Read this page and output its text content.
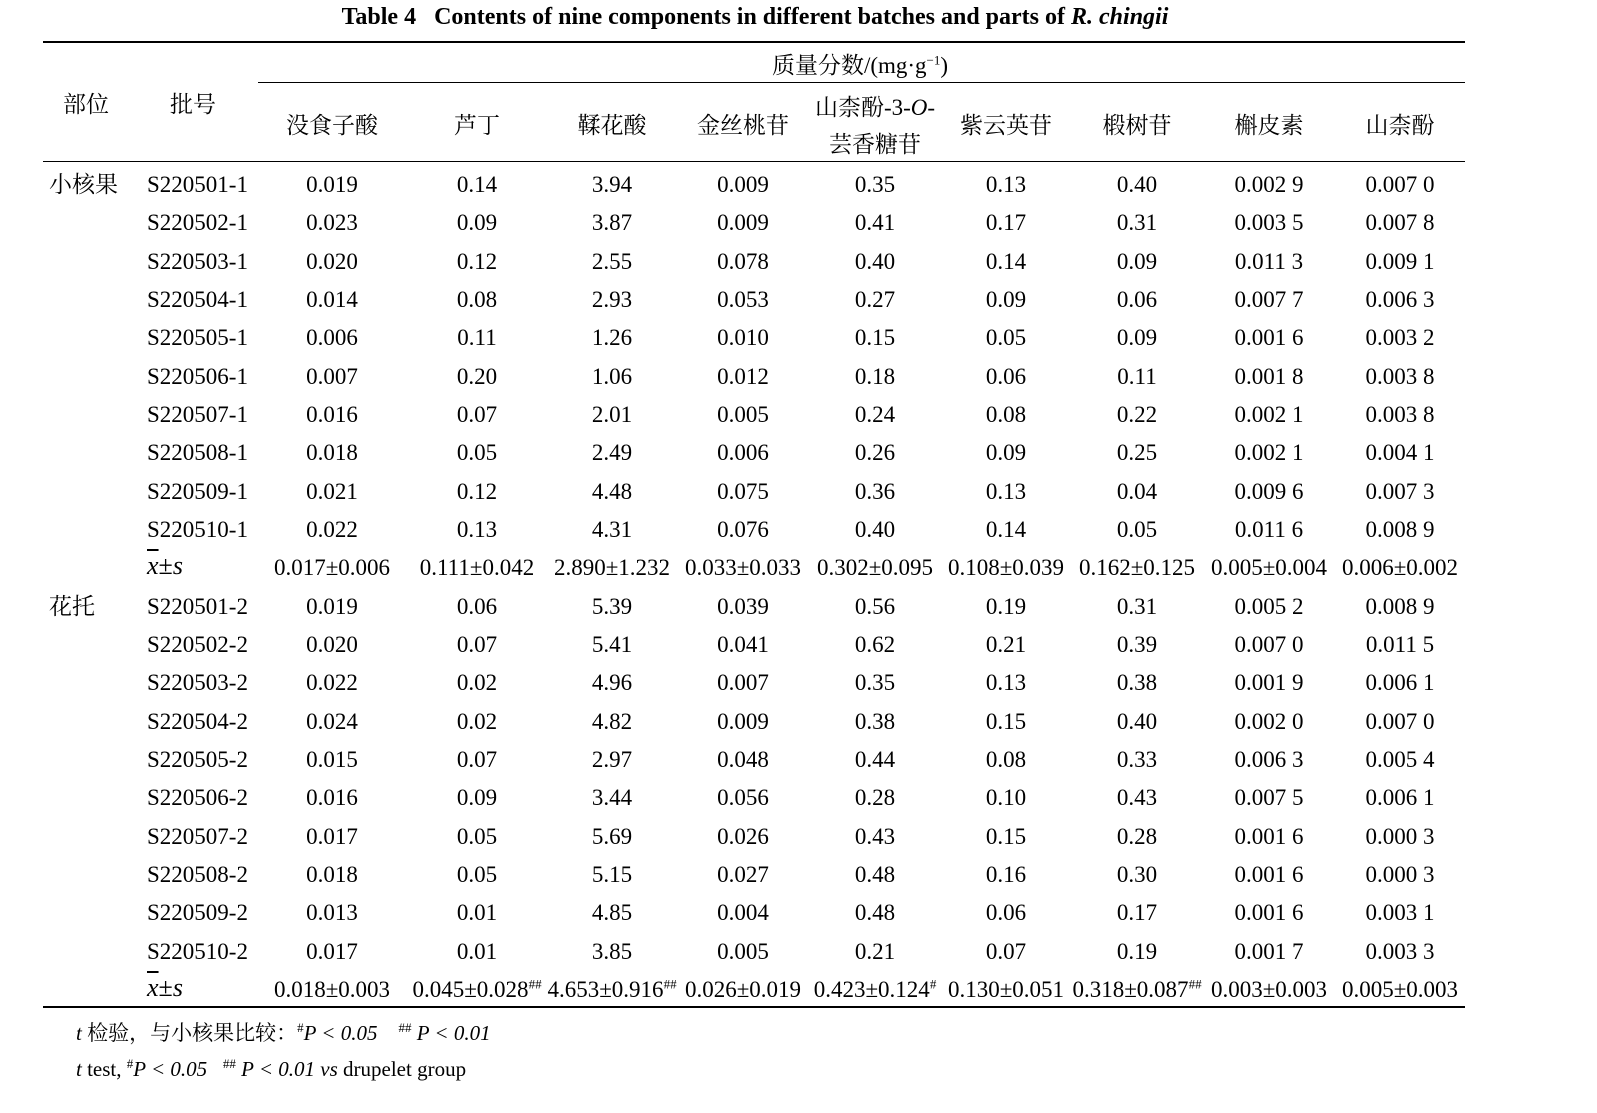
Table 4 Contents of nine components in different batches and parts of R. chingii
部位	批号
质量分数$/(mg\cdot g^{-1})$
没食子酸	芦丁	鞣花酸 金丝桃苷
山柰酚-3-O-
芸香糖苷
紫云英苷 椴树苷	槲皮素	山柰酚
小核果 S220501-1	0.019	0.14	3.94	0.009	0.35	0.13	0.40	0.002 9	0.007 0
S220502-1	0.023	0.09	3.87	0.009	0.41	0.17	0.31	0.003 5	0.007 8
S220503-1	0.020	0.12	2.55	0.078	0.40	0.14	0.09	0.011 3	0.009 1
S220504-1	0.014	0.08	2.93	0.053	0.27	0.09	0.06	0.007 7	0.006 3
S220505-1	0.006	0.11	1.26	0.010	0.15	0.05	0.09	0.001 6	0.003 2
S220506-1	0.007	0.20	1.06	0.012	0.18	0.06	0.11	0.001 8	0.003 8
S220507-1	0.016	0.07	2.01	0.005	0.24	0.08	0.22	0.002 1	0.003 8
S220508-1	0.018	0.05	2.49	0.006	0.26	0.09	0.25	0.002 1	0.004 1
S220509-1	0.021	0.12	4.48	0.075	0.36	0.13	0.04	0.009 6	0.007 3
S220510-1	0.022	0.13	4.31	0.076	0.40	0.14	0.05	0.011 6	0.008 9
$\overline{x}\pm s$	0.017±0.006 0.111±0.042 2.890±1.232 0.033±0.033 0.302±0.095 0.108±0.039 0.162±0.125 0.005±0.004 0.006±0.002
花托 S220501-2	0.019	0.06	5.39	0.039	0.56	0.19	0.31	0.005 2	0.008 9
S220502-2	0.020	0.07	5.41	0.041	0.62	0.21	0.39	0.007 0	0.011 5
S220503-2	0.022	0.02	4.96	0.007	0.35	0.13	0.38	0.001 9	0.006 1
S220504-2	0.024	0.02	4.82	0.009	0.38	0.15	0.40	0.002 0	0.007 0
S220505-2	0.015	0.07	2.97	0.048	0.44	0.08	0.33	0.006 3	0.005 4
S220506-2	0.016	0.09	3.44	0.056	0.28	0.10	0.43	0.007 5	0.006 1
S220507-2	0.017	0.05	5.69	0.026	0.43	0.15	0.28	0.001 6	0.000 3
S220508-2	0.018	0.05	5.15	0.027	0.48	0.16	0.30	0.001 6	0.000 3
S220509-2	0.013	0.01	4.85	0.004	0.48	0.06	0.17	0.001 6	0.003 1
S220510-2	0.017	0.01	3.85	0.005	0.21	0.07	0.19	0.001 7	0.003 3
$\overline{x}\pm s$	0.018±0.003 0.045±0.028## 4.653±0.916## 0.026±0.019 0.423±0.124# 0.130±0.051 0.318±0.087## 0.003±0.003 0.005±0.003
t 检验，与小核果比较：#P < 0.05 ## P < 0.01
t test, #P < 0.05 ## P < 0.01 vs drupelet group
